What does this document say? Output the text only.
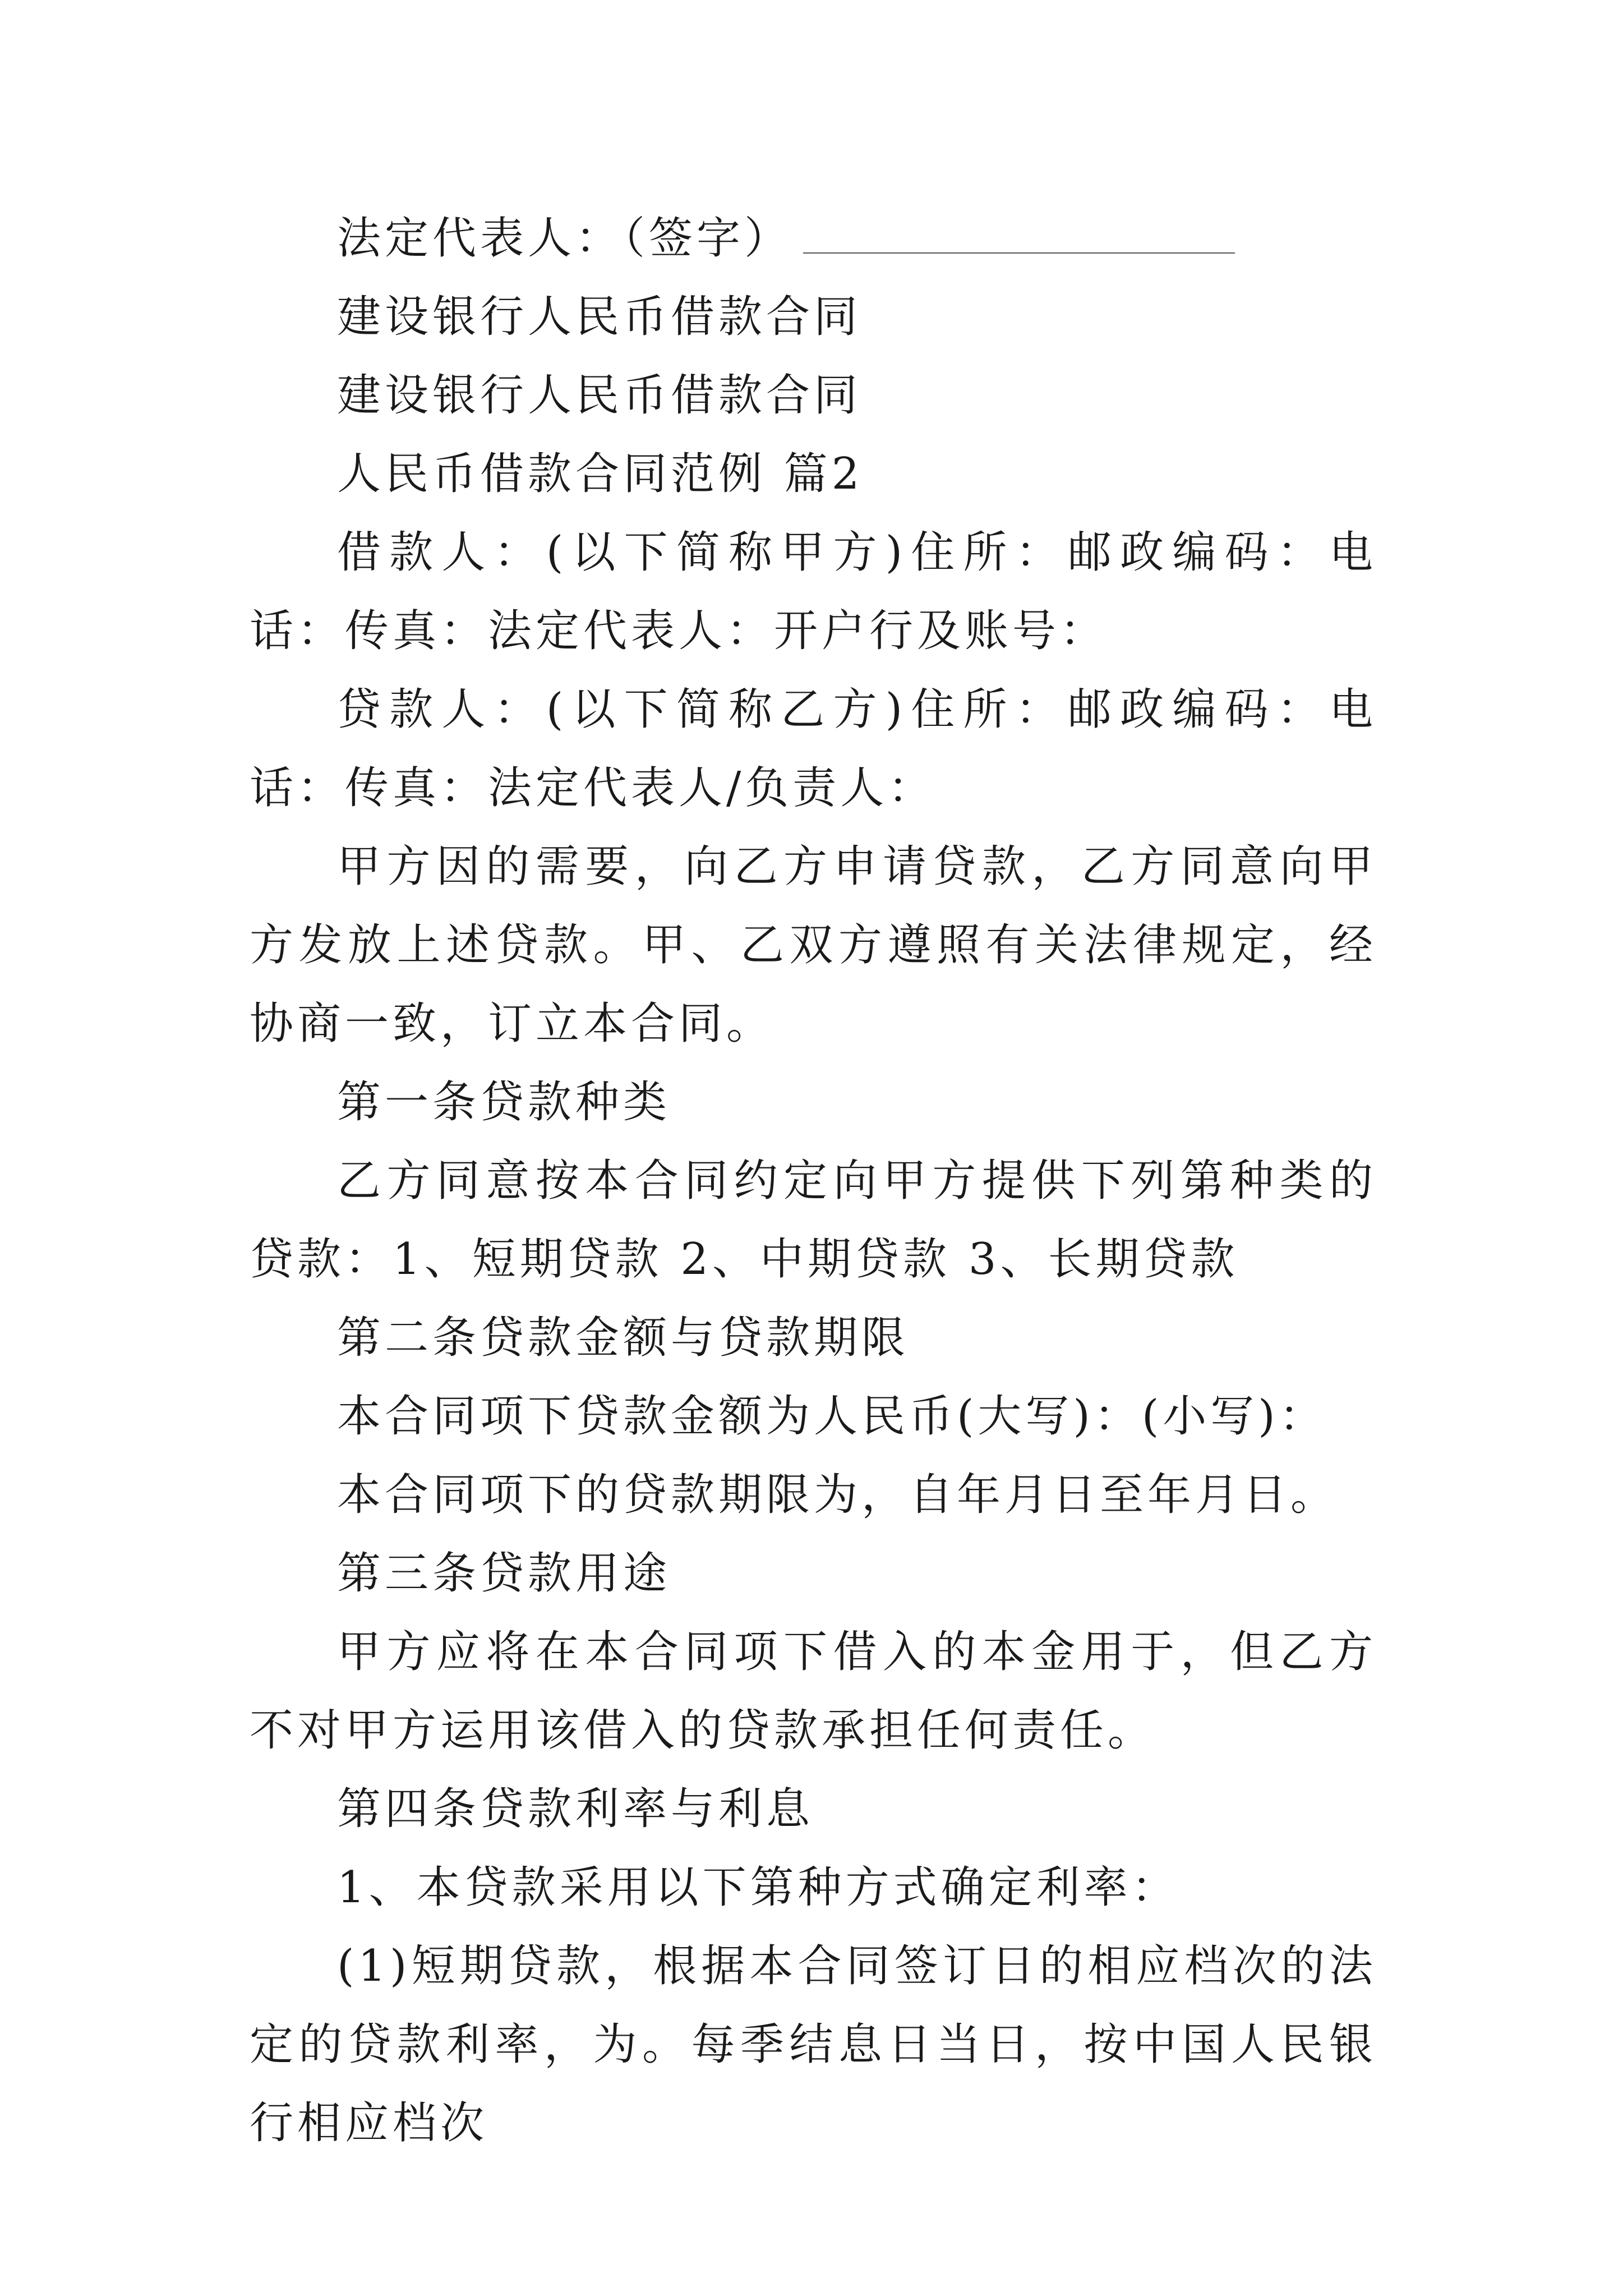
法定代表人：（签字）

建设银行人民币借款合同

建设银行人民币借款合同

人民币借款合同范例 篇2

借款人：(以下简称甲方)住所：邮政编码：电话：传真：法定代表人：开户行及账号：

贷款人：(以下简称乙方)住所：邮政编码：电话：传真：法定代表人/负责人：

甲方因的需要，向乙方申请贷款，乙方同意向甲方发放上述贷款。甲、乙双方遵照有关法律规定，经协商一致，订立本合同。

第一条贷款种类

乙方同意按本合同约定向甲方提供下列第种类的贷款：1、短期贷款 2、中期贷款 3、长期贷款

第二条贷款金额与贷款期限

本合同项下贷款金额为人民币(大写)：(小写)：

本合同项下的贷款期限为，自年月日至年月日。

第三条贷款用途

甲方应将在本合同项下借入的本金用于，但乙方不对甲方运用该借入的贷款承担任何责任。

第四条贷款利率与利息

1、本贷款采用以下第种方式确定利率：

(1)短期贷款，根据本合同签订日的相应档次的法定的贷款利率，为。每季结息日当日，按中国人民银行相应档次
